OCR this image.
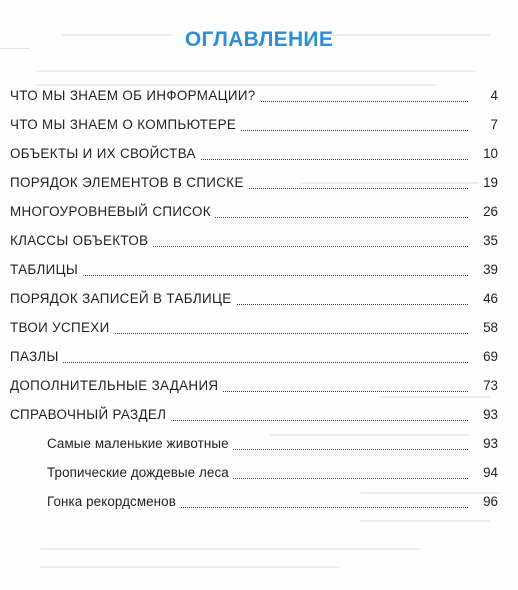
ОГЛАВЛЕНИЕ
ЧТО МЫ ЗНАЕМ ОБ ИНФОРМАЦИИ?	4
ЧТО МЫ ЗНАЕМ О КОМПЬЮТЕРЕ	7
ОБЪЕКТЫ И ИХ СВОЙСТВА	10
ПОРЯДОК ЭЛЕМЕНТОВ В СПИСКЕ	19
МНОГОУРОВНЕВЫЙ СПИСОК	26
КЛАССЫ ОБЪЕКТОВ	35
ТАБЛИЦЫ	39
ПОРЯДОК ЗАПИСЕЙ В ТАБЛИЦЕ	46
ТВОИ УСПЕХИ	58
ПАЗЛЫ	69
ДОПОЛНИТЕЛЬНЫЕ ЗАДАНИЯ	73
СПРАВОЧНЫЙ РАЗДЕЛ	93
Самые маленькие животные	93
Тропические дождевые леса	94
Гонка рекордсменов	96
